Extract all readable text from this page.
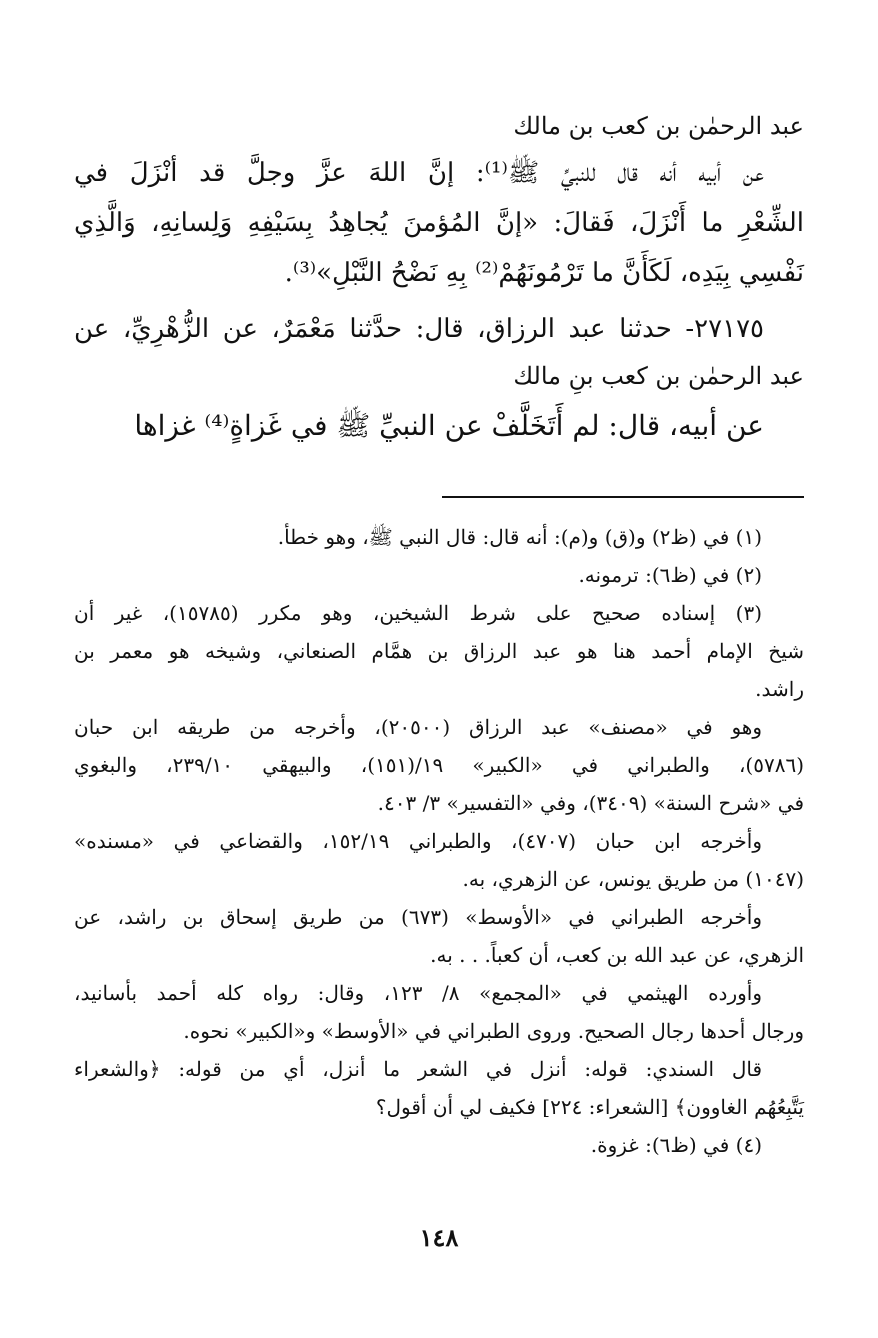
عبد الرحمٰن بن كعب بن مالك
عن أبيه أنه قال للنبيِّ ﷺ⁽¹⁾: إنَّ اللهَ عزَّ وجلَّ قد أنْزَلَ في
الشِّعْرِ ما أَنْزَلَ، فَقالَ: «إنَّ المُؤمنَ يُجاهِدُ بِسَيْفِهِ وَلِسانِهِ، وَالَّذِي
نَفْسِي بِيَدِه، لَكَأَنَّ ما تَرْمُونَهُمْ⁽²⁾ بِهِ نَضْحُ النَّبْلِ»⁽³⁾.
٢٧١٧٥- حدثنا عبد الرزاق، قال: حدَّثنا مَعْمَرٌ، عن الزُّهْرِيِّ، عن
عبد الرحمٰن بن كعب بنِ مالك
عن أبيه، قال: لم أَتَخَلَّفْ عن النبيِّ ﷺ في غَزاةٍ⁽⁴⁾ غزاها
(١) في (ظ٢) و(ق) و(م): أنه قال: قال النبي ﷺ، وهو خطأ.
(٢) في (ظ٦): ترمونه.
(٣) إسناده صحيح على شرط الشيخين، وهو مكرر (١٥٧٨٥)، غير أن
شيخ الإمام أحمد هنا هو عبد الرزاق بن همَّام الصنعاني، وشيخه هو معمر بن
راشد.
وهو في «مصنف» عبد الرزاق (٢٠٥٠٠)، وأخرجه من طريقه ابن حبان
(٥٧٨٦)، والطبراني في «الكبير» ١٩/(١٥١)، والبيهقي ٢٣٩/١٠، والبغوي
في «شرح السنة» (٣٤٠٩)، وفي «التفسير» ٣/ ٤٠٣.
وأخرجه ابن حبان (٤٧٠٧)، والطبراني ١٥٢/١٩، والقضاعي في «مسنده»
(١٠٤٧) من طريق يونس، عن الزهري، به.
وأخرجه الطبراني في «الأوسط» (٦٧٣) من طريق إسحاق بن راشد، عن
الزهري، عن عبد الله بن كعب، أن كعباً. . . به.
وأورده الهيثمي في «المجمع» ٨/ ١٢٣، وقال: رواه كله أحمد بأسانيد،
ورجال أحدها رجال الصحيح. وروى الطبراني في «الأوسط» و«الكبير» نحوه.
قال السندي: قوله: أنزل في الشعر ما أنزل، أي من قوله: ﴿والشعراء
يَتَّبِعُهُم الغاوون﴾ [الشعراء: ٢٢٤] فكيف لي أن أقول؟
(٤) في (ظ٦): غزوة.
١٤٨
